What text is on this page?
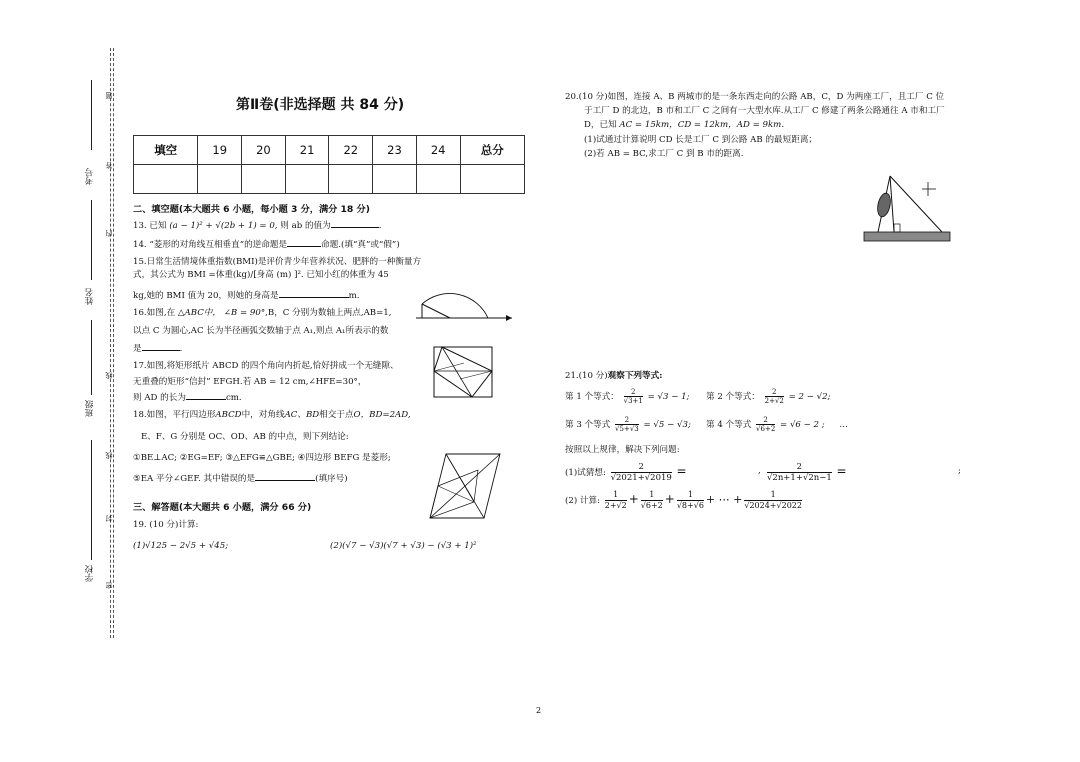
考号
姓名
班级
学校
题
答
内
线
线
封
密
第Ⅱ卷(非选择题 共 84 分)
填空	19	20	21	22	23	24	总分

二、填空题(本大题共 6 小题，每小题 3 分，满分 18 分)
13. 已知 (a − 1)² + √(2b + 1) = 0, 则 ab 的值为	.
14. “菱形的对角线互相垂直”的逆命题是	命题.(填“真”或“假”)
15.日常生活情境体重指数(BMI)是评价青少年营养状况、肥胖的一种衡量方
式，其公式为 BMI =体重(kg)/[身高 (m) ]². 已知小红的体重为 45
kg,她的 BMI 值为 20，则她的身高是	m.
16.如图,在 △ABC中， ∠B = 90°,B，C 分别为数轴上两点,AB=1,
以点 C 为圆心,AC 长为半径画弧交数轴于点 A₁,则点 A₁所表示的数
是	.
17.如图,将矩形纸片 ABCD 的四个角向内折起,恰好拼成一个无缝隙、
无重叠的矩形“信封” EFGH.若 AB = 12 cm,∠HFE=30°，
则 AD 的长为	cm.
18.如图，平行四边形ABCD中，对角线AC、BD相交于点O，BD=2AD,
E、F、G 分别是 OC、OD、AB 的中点，则下列结论:
①BE⊥AC; ②EG=EF; ③△EFG≌△GBE; ④四边形 BEFG 是菱形;
⑤EA 平分∠GEF. 其中错误的是	(填序号)
三、解答题(本大题共 6 小题，满分 66 分)
19. (10 分)计算:
(1)√125 − 2√5 + √45;	(2)(√7 − √3)(√7 + √3) − (√3 + 1)²
20.(10 分)如图，连接 A、B 两城市的是一条东西走向的公路 AB，C，D 为两座工厂，且工厂 C 位
于工厂 D 的北边，B 市和工厂 C 之间有一大型水库.从工厂 C 修建了两条公路通往 A 市和工厂
D，已知 AC = 15km，CD = 12km，AD = 9km.
(1)试通过计算说明 CD 长是工厂 C 到公路 AB 的最短距离；
(2)若 AB = BC,求工厂 C 到 B 市的距离.
21.(10 分)观察下列等式:
第 1 个等式： $\frac{2}{√3+1} = √3 - 1$; 第 2 个等式： $\frac{2}{2+√2} = 2 - √2$;
第 3 个等式 $\frac{2}{√5+√3} = √5 - √3$; 第 4 个等式 $\frac{2}{√6+2} = √6 - 2$ ; …
按照以上规律，解决下列问题:
(1)试猜想: $\frac{2}{√2021+√2019}$ =	, $\frac{2}{√2n+1+√2n-1}$ =	;
(2) 计算: $\frac{1}{2+√2} + \frac{1}{√6+2} + \frac{1}{√8+√6}$ + ⋯ + $\frac{1}{√2024+√2022}$
2
